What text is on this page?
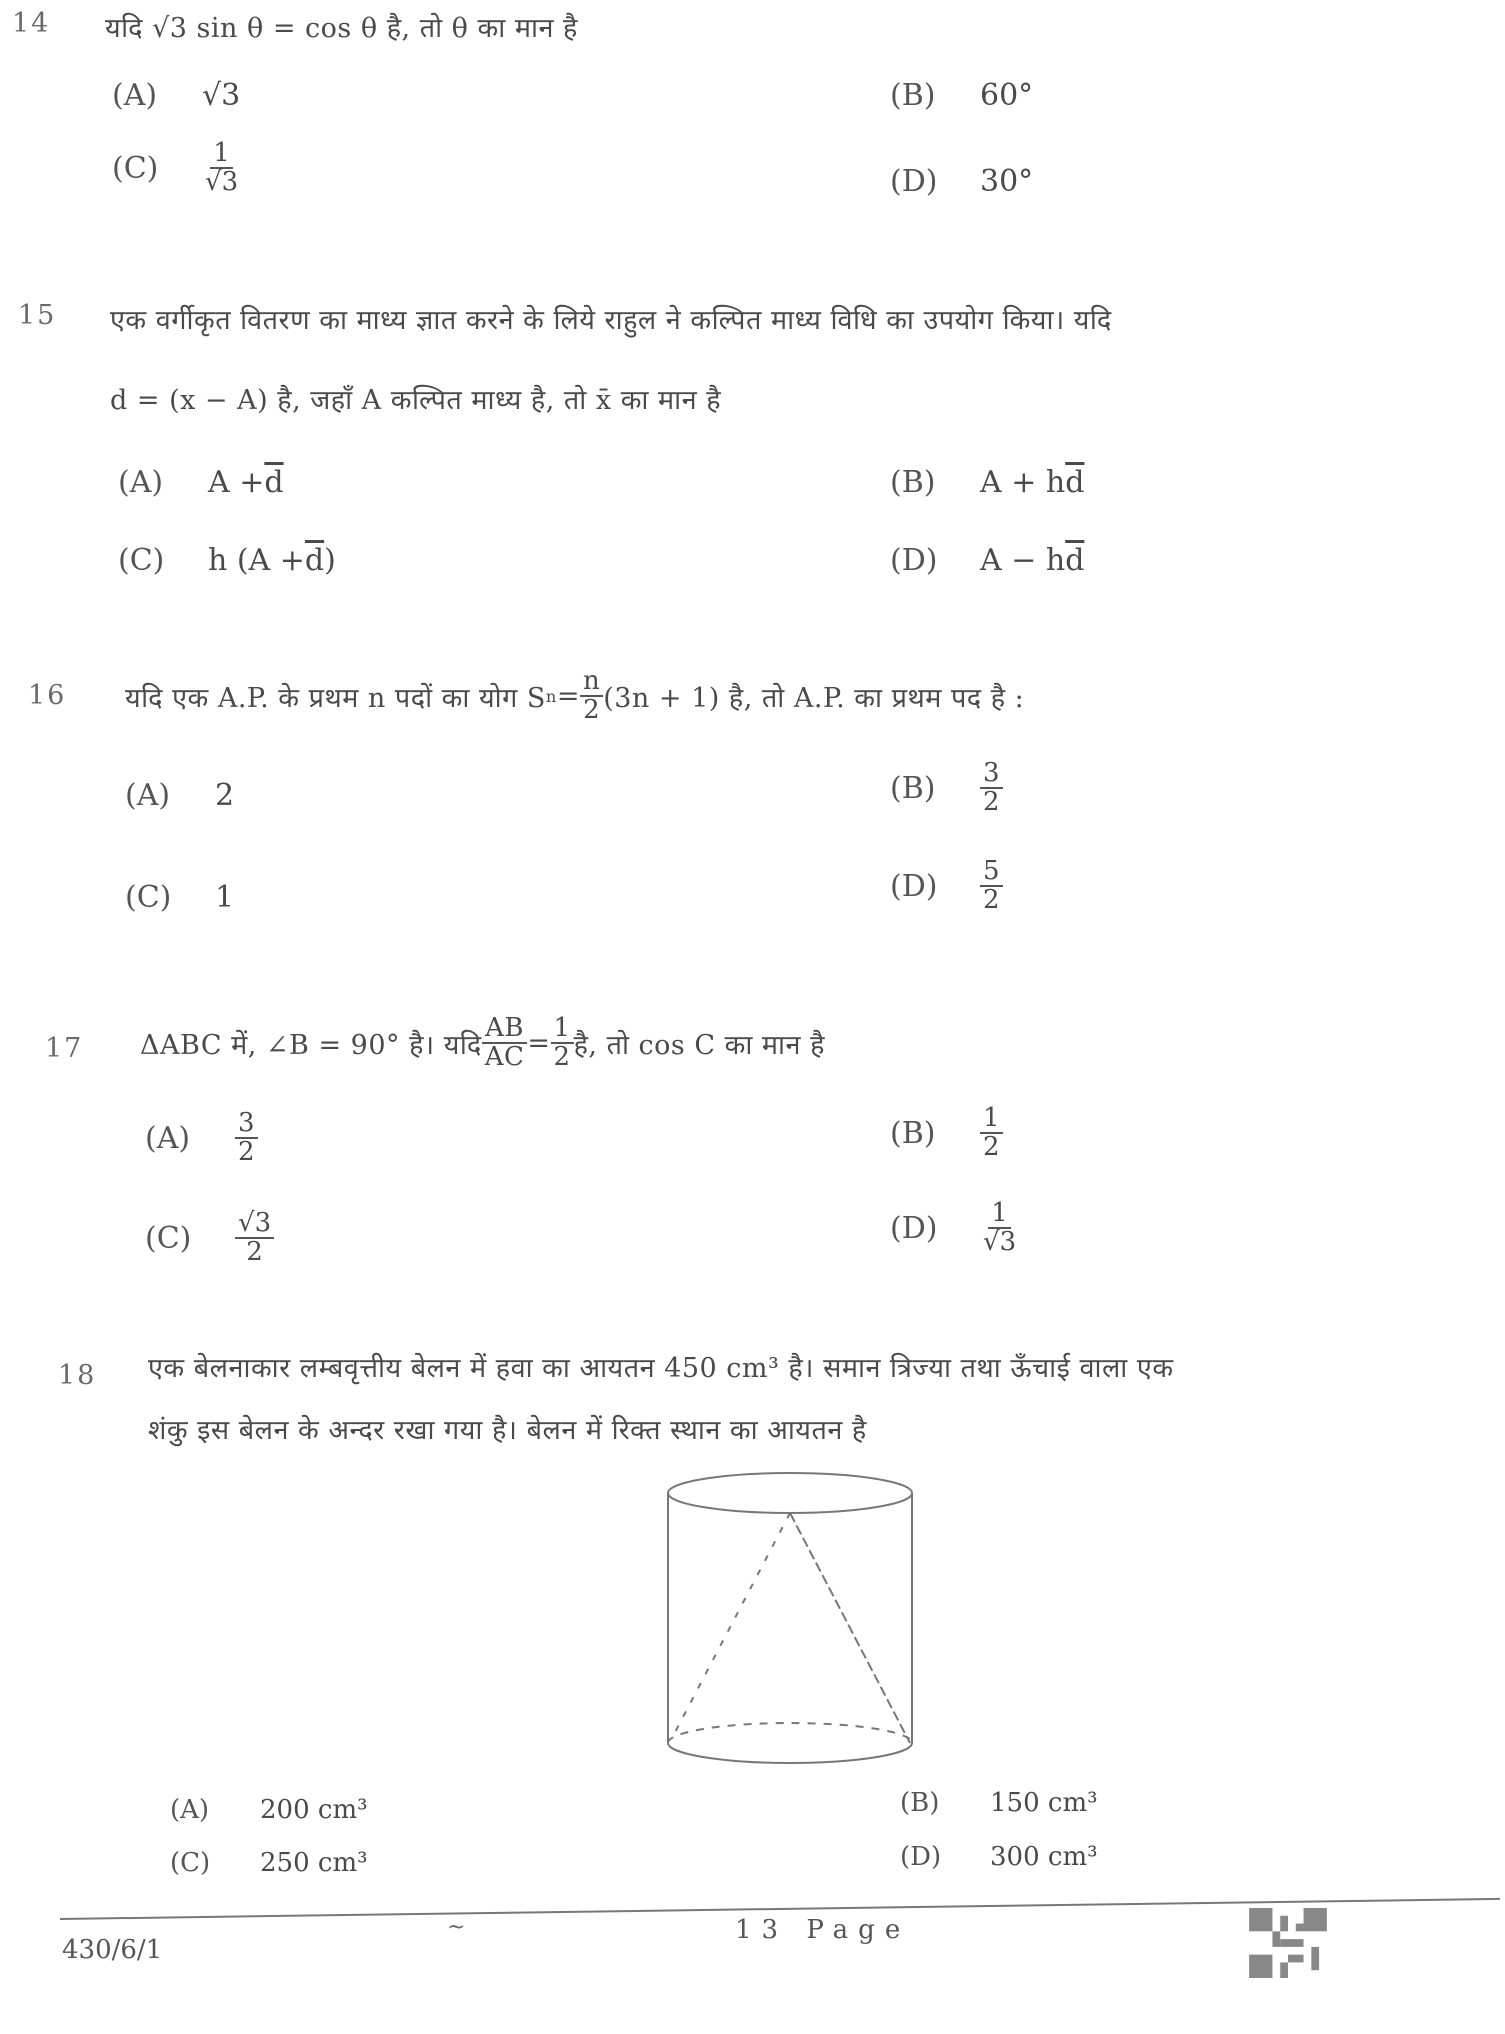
14 यदि √3 sin θ = cos θ है, तो θ का मान है
(A)	√3	(B)	60°
(C)	$\frac{1}{√3}$	(D)	30°
15 एक वर्गीकृत वितरण का माध्य ज्ञात करने के लिये राहुल ने कल्पित माध्य विधि का उपयोग किया। यदि
d = (x − A) है, जहाँ A कल्पित माध्य है, तो x̄ का मान है
(A)	$A + \overline{d}$	(B)	A + h $\overline{d}$
(C)	h ($A + \overline{d}$ )	(D)	A − h $\overline{d}$
16 यदि एक A.P. के प्रथम n पदों का योग S $n = \frac{n}{2} (3n + 1)$ है, तो A.P. का प्रथम पद है :
(A)	2	(B)	$\frac{3}{2}$
(C)	1	(D)	$\frac{5}{2}$
17 ΔABC में, ∠B = 90° है। यदि $\frac{AB}{AC} = \frac{1}{2}$ है, तो cos C का मान है
(A)	$\frac{3}{2}$	(B)	$\frac{1}{2}$
(C)	$\frac{√3}{2}$	(D)	$\frac{1}{√3}$
18 एक बेलनाकार लम्बवृत्तीय बेलन में हवा का आयतन 450 cm³ है। समान त्रिज्या तथा ऊँचाई वाला एक
शंकु इस बेलन के अन्दर रखा गया है। बेलन में रिक्त स्थान का आयतन है
(A)	200 cm³	(B)	150 cm³
(C)	250 cm³	(D)	300 cm³
430/6/1
~	13 Page
